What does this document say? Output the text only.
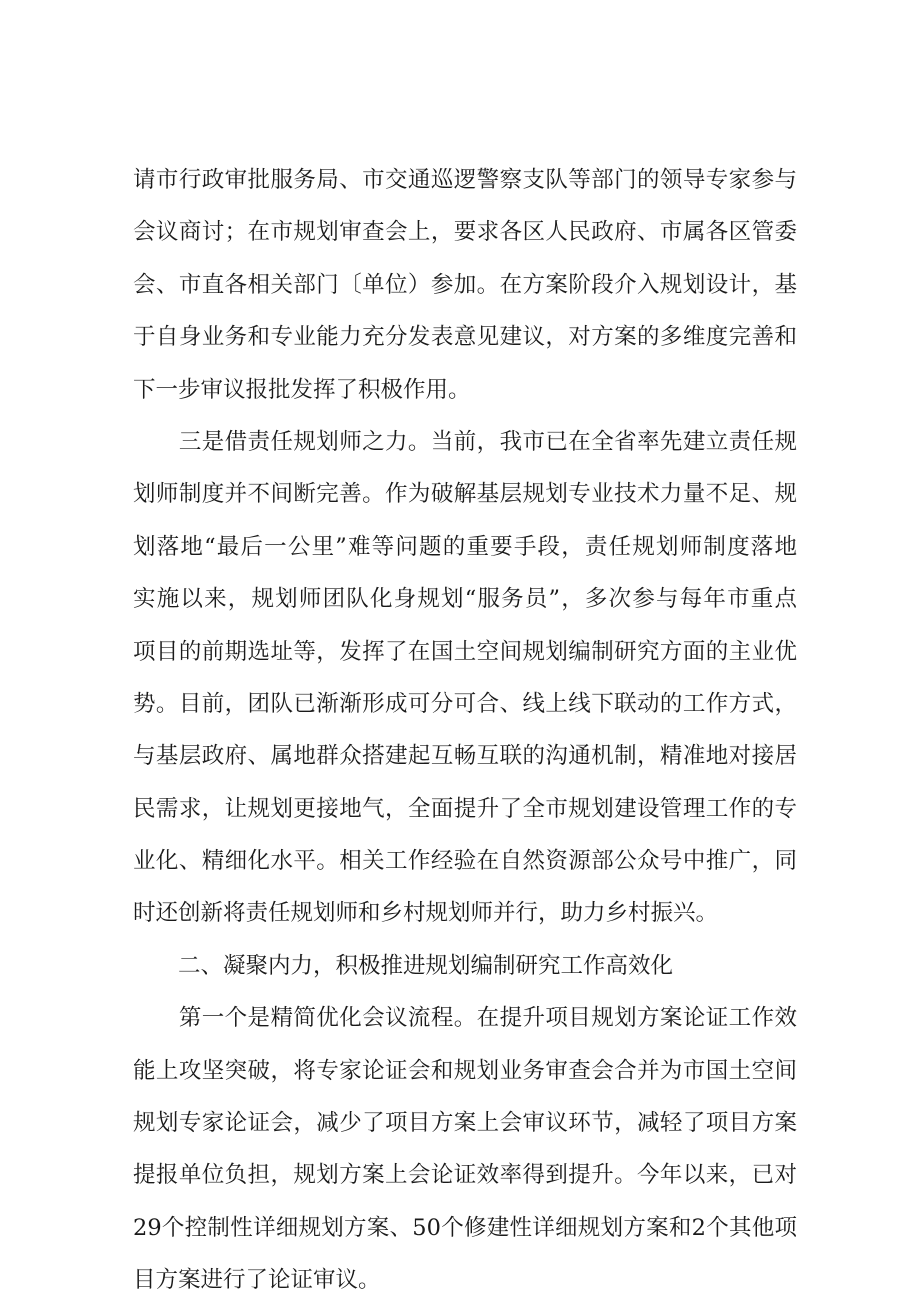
请市行政审批服务局、市交通巡逻警察支队等部门的领导专家参与
会议商讨；在市规划审查会上，要求各区人民政府、市属各区管委
会、市直各相关部门〔单位）参加。在方案阶段介入规划设计，基
于自身业务和专业能力充分发表意见建议，对方案的多维度完善和
下一步审议报批发挥了积极作用。
　　三是借责任规划师之力。当前，我市已在全省率先建立责任规
划师制度并不间断完善。作为破解基层规划专业技术力量不足、规
划落地“最后一公里”难等问题的重要手段，责任规划师制度落地
实施以来，规划师团队化身规划“服务员”，多次参与每年市重点
项目的前期选址等，发挥了在国土空间规划编制研究方面的主业优
势。目前，团队已渐渐形成可分可合、线上线下联动的工作方式，
与基层政府、属地群众搭建起互畅互联的沟通机制，精准地对接居
民需求，让规划更接地气，全面提升了全市规划建设管理工作的专
业化、精细化水平。相关工作经验在自然资源部公众号中推广，同
时还创新将责任规划师和乡村规划师并行，助力乡村振兴。
　　二、凝聚内力，积极推进规划编制研究工作高效化
　　第一个是精简优化会议流程。在提升项目规划方案论证工作效
能上攻坚突破，将专家论证会和规划业务审查会合并为市国土空间
规划专家论证会，减少了项目方案上会审议环节，减轻了项目方案
提报单位负担，规划方案上会论证效率得到提升。今年以来，已对
29个控制性详细规划方案、50个修建性详细规划方案和2个其他项
目方案进行了论证审议。
